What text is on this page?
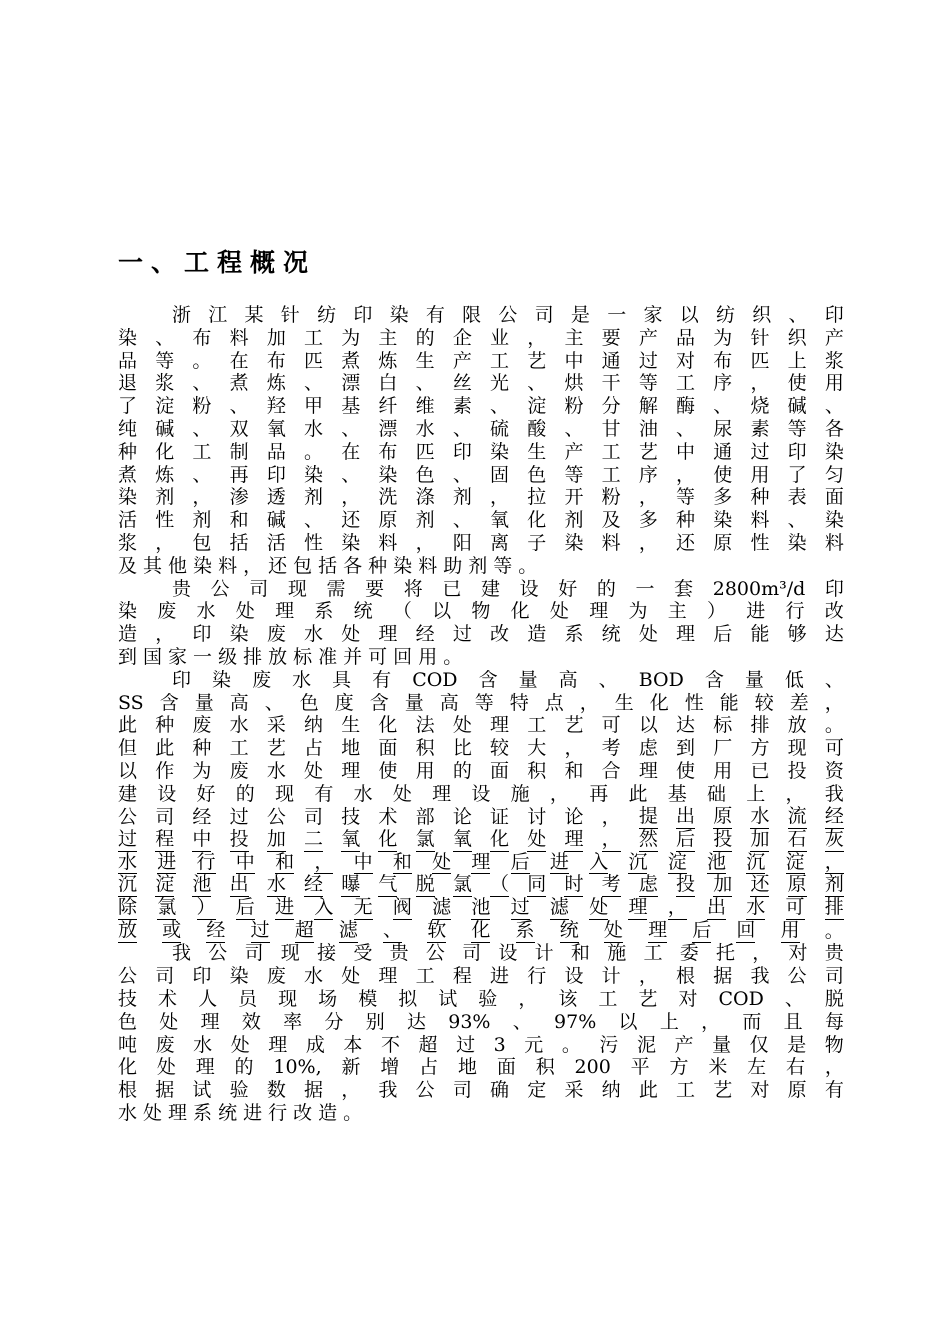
一、工程概况
浙 江 某 针 纺 印 染 有 限 公 司 是 一 家 以 纺 织 、 印
染 、 布 料 加 工 为 主 的 企 业 ， 主 要 产 品 为 针 织 产
品 等 。 在 布 匹 煮 炼 生 产 工 艺 中 通 过 对 布 匹 上 浆
退 浆 、 煮 炼 、 漂 白 、 丝 光 、 烘 干 等 工 序 ， 使 用
了 淀 粉 、 羟 甲 基 纤 维 素 、 淀 粉 分 解 酶 、 烧 碱 、
纯 碱 、 双 氧 水 、 漂 水 、 硫 酸 、 甘 油 、 尿 素 等 各
种 化 工 制 品 。 在 布 匹 印 染 生 产 工 艺 中 通 过 印 染
煮 炼 、 再 印 染 、 染 色 、 固 色 等 工 序 ， 使 用 了 匀
染 剂 ， 渗 透 剂 ， 洗 涤 剂 ， 拉 开 粉 ， 等 多 种 表 面
活 性 剂 和 碱 、 还 原 剂 、 氧 化 剂 及 多 种 染 料 、 染
浆 ， 包 括 活 性 染 料 ， 阳 离 子 染 料 ， 还 原 性 染 料
及 其 他 染 料 ， 还 包 括 各 种 染 料 助 剂 等 。
贵 公 司 现 需 要 将 已 建 设 好 的 一 套 2800m³/d 印
染 废 水 处 理 系 统 （ 以 物 化 处 理 为 主 ） 进 行 改
造 ， 印 染 废 水 处 理 经 过 改 造 系 统 处 理 后 能 够 达
到 国 家 一 级 排 放 标 准 并 可 回 用 。
印 染 废 水 具 有 COD 含 量 高 、 BOD 含 量 低 、
SS 含 量 高 、 色 度 含 量 高 等 特 点 ， 生 化 性 能 较 差 ，
此 种 废 水 采 纳 生 化 法 处 理 工 艺 可 以 达 标 排 放 。
但 此 种 工 艺 占 地 面 积 比 较 大 ， 考 虑 到 厂 方 现 可
以 作 为 废 水 处 理 使 用 的 面 积 和 合 理 使 用 已 投 资
建 设 好 的 现 有 水 处 理 设 施 ， 再 此 基 础 上 ， 我
公 司 经 过 公 司 技 术 部 论 证 讨 论 ， 提 出 原 水 流 经
过 程 中 投 加 二 氧 化 氯 氧 化 处 理 ， 然 后 投 加 石 灰
水 进 行 中 和 ， 中 和 处 理 后 进 入 沉 淀 池 沉 淀 ，
沉 淀 池 出 水 经 曝 气 脱 氯 （ 同 时 考 虑 投 加 还 原 剂
除 氯 ） 后 进 入 无 阀 滤 池 过 滤 处 理 ， 出 水 可 排
放 或 经 过 超 滤 、 软 化 系 统 处 理 后 回 用 。
我 公 司 现 接 受 贵 公 司 设 计 和 施 工 委 托 ， 对 贵
公 司 印 染 废 水 处 理 工 程 进 行 设 计 ， 根 据 我 公 司
技 术 人 员 现 场 模 拟 试 验 ， 该 工 艺 对 COD 、 脱
色 处 理 效 率 分 别 达 93% 、 97% 以 上 ， 而 且 每
吨 废 水 处 理 成 本 不 超 过 3 元 。 污 泥 产 量 仅 是 物
化 处 理 的 10%, 新 增 占 地 面 积 200 平 方 米 左 右 ，
根 据 试 验 数 据 ， 我 公 司 确 定 采 纳 此 工 艺 对 原 有
水 处 理 系 统 进 行 改 造 。
